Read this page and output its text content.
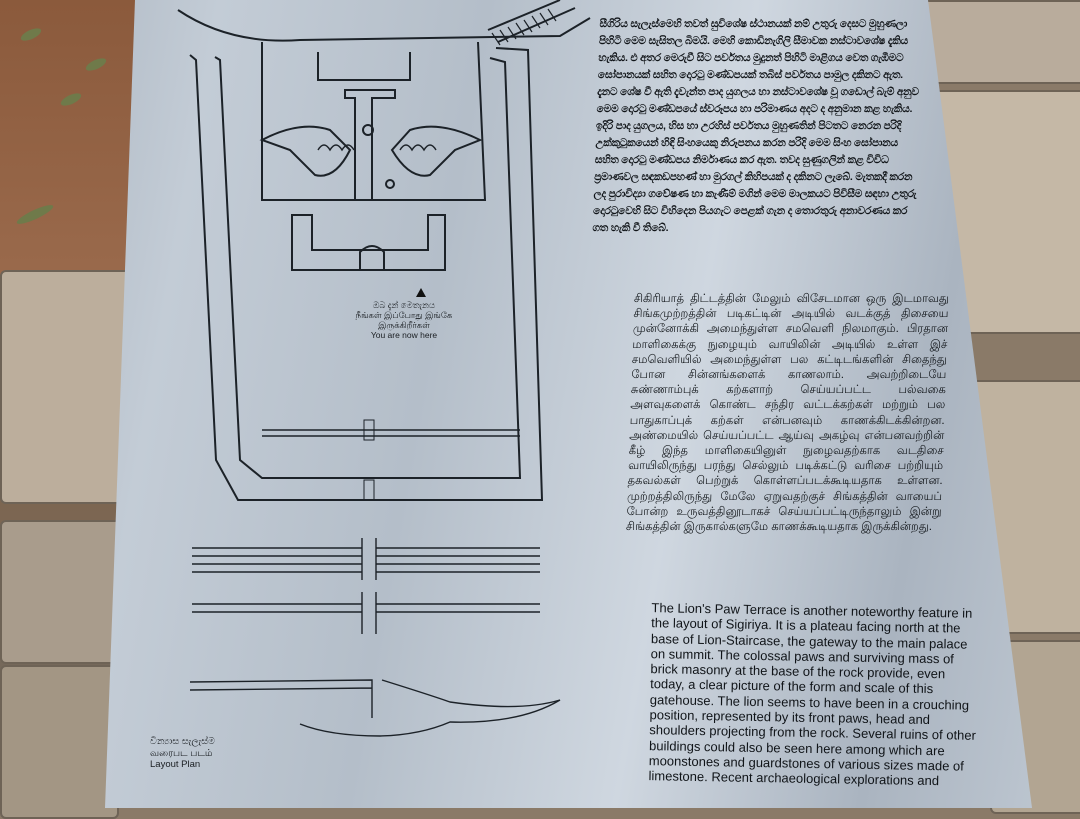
ඔබ දැන් මෙතැනය
நீங்கள் இப்போது இங்கே இருக்கிறீர்கள்
You are now here
වින්‍යාස සැලැස්ම
வரைபட படம்
Layout Plan
සීගිරිය සැලැස්මෙහි තවත් සුවිශේෂ ස්ථානයක් නම් උතුරු දෙසට මුහුණලා පිහිටි මෙම සැසිතල බිමයි. මෙහි කොඩිනැගිලි සීමාවක නස්ටාවශේෂ දැකිය හැකිය. එ අතර මෙරුවී සිට පර්වතය මුදුනත් පිහිටි මාළිගය වෙත ගැඹීමට සෝපානයක් සහිත දොරටු මණ්ඩපයක් තබිස් පර්වතය පාමුල දකිනට ඇත. දැනට ශේෂ වී ඇති දැවැන්ත පාද යුගලය හා නස්ටාවශේෂ වූ ගඩොල් බැම් අනුව මෙම දොරටු මණ්ඩපයේ ස්වරූපය හා පරිමාණය අදට ද අනුමාන කළ හැකිය. ඉදිරි පාද යුගලය, හිස හා උරහිස් පර්වතය මුහුණතින් පිටතට නෙරන පරිදි උක්කුටුකයෙන් හිඳි සිංහයෙකු නිරූපනය කරන පරිදි මෙම සිංහ සෝපානය සහිත දොරටු මණ්ඩපය නිර්මාණය කර ඇත. තවද සුණුගලින් කළ විවිධ ප්‍රමාණවල සඳකඩපහණ් හා මුරගල් කිහිපයක් ද දකිනට ලැබේ. මැතකදී කරන ලද පුරාවිද්‍යා ගවේෂණ හා කැණීම් මගින් මෙම මාලකයට පිවිසීම සඳහා උතුරු දොරටුවෙහි සිට විහිදෙන පියගැට පෙළක් ගැන ද තොරතුරු අනාවරණය කර ගත හැකි වී තිබේ.
சிகிரியாத் திட்டத்தின் மேலும் விசேடமான ஒரு இடமாவது சிங்கமுற்றத்தின் படிகட்டின் அடியில் வடக்குத் திசையை முன்னோக்கி அமைந்துள்ள சமவெளி நிலமாகும். பிரதான மாளிகைக்கு நுழையும் வாயிலின் அடியில் உள்ள இச் சமவெளியில் அமைந்துள்ள பல கட்டிடங்களின் சிதைந்து போன சின்னங்களைக் காணலாம். அவற்றிடையே சுண்ணாம்புக் கற்களாற் செய்யப்பட்ட பல்வகை அளவுகளைக் கொண்ட சந்திர வட்டக்கற்கள் மற்றும் பல பாதுகாப்புக் கற்கள் என்பனவும் காணக்கிடக்கின்றன. அண்மையில் செய்யப்பட்ட ஆய்வு அகழ்வு என்பனவற்றின் கீழ் இந்த மாளிகையினுள் நுழைவதற்காக வடதிசை வாயிலிருந்து பரந்து செல்லும் படிக்கட்டு வரிசை பற்றியும் தகவல்கள் பெற்றுக் கொள்ளப்படக்கூடியதாக உள்ளன. முற்றத்திலிருந்து மேலே ஏறுவதற்குச் சிங்கத்தின் வாயைப் போன்ற உருவத்தினூடாகச் செய்யப்பட்டிருந்தாலும் இன்று சிங்கத்தின் இருகால்களுமே காணக்கூடியதாக இருக்கின்றது.
The Lion's Paw Terrace is another noteworthy feature in the layout of Sigiriya. It is a plateau facing north at the base of Lion-Staircase, the gateway to the main palace on summit. The colossal paws and surviving mass of brick masonry at the base of the rock provide, even today, a clear picture of the form and scale of this gatehouse. The lion seems to have been in a crouching position, represented by its front paws, head and shoulders projecting from the rock. Several ruins of other buildings could also be seen here among which are moonstones and guardstones of various sizes made of limestone. Recent archaeological explorations and
